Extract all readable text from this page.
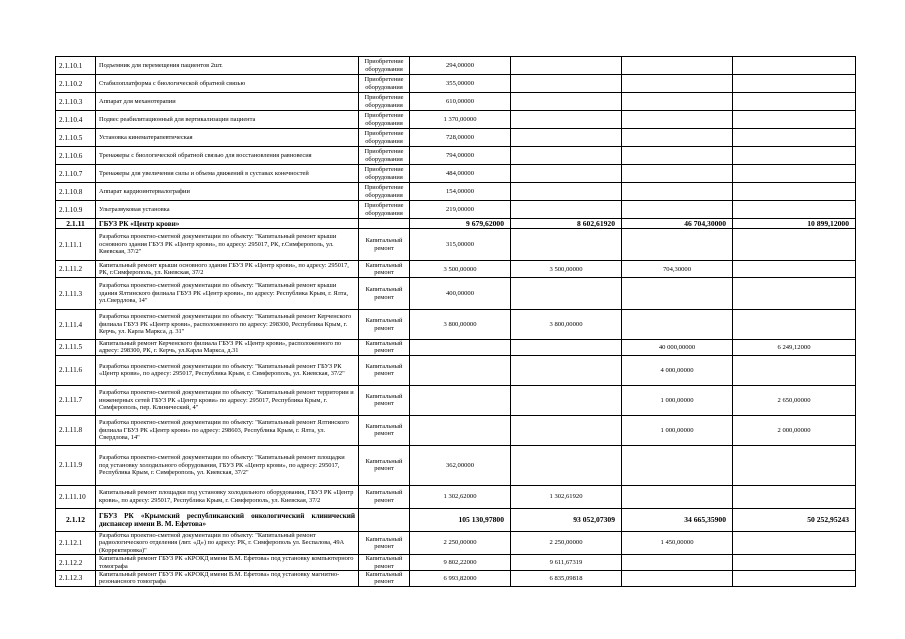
2.1.10.1	Подъемник для перемещения пациентов 2шт.	Приобретение оборудования	294,00000			
2.1.10.2	Стабилоплатформа с биологической обратной связью	Приобретение оборудования	355,00000			
2.1.10.3	Аппарат для механотерапии	Приобретение оборудования	610,00000			
2.1.10.4	Подвес реабилитационный для вертикализации пациента	Приобретение оборудования	1 370,00000			
2.1.10.5	Установка кинематерапевтическая	Приобретение оборудования	728,00000			
2.1.10.6	Тренажеры с биологической обратной связью для восстановления равновесия	Приобретение оборудования	794,00000			
2.1.10.7	Тренажеры для увеличения силы и объема движений в суставах конечностей	Приобретение оборудования	484,00000			
2.1.10.8	Аппарат кардиоинтервалографии	Приобретение оборудования	154,00000			
2.1.10.9	Ультразвуковая установка	Приобретение оборудования	219,00000			
2.1.11	ГБУЗ РК «Центр крови»		9 679,62000	8 602,61920	46 704,30000	10 899,12000
2.1.11.1	Разработка проектно-сметной документации по объекту: "Капитальный ремонт крыши основного здания ГБУЗ РК «Центр крови», по адресу: 295017, РК, г.Симферополь, ул. Киевская, 37/2"	Капитальный ремонт	315,00000			
2.1.11.2	Капитальный ремонт крыши основного здания ГБУЗ РК «Центр крови», по адресу: 295017, РК, г.Симферополь, ул. Киевская, 37/2	Капитальный ремонт	3 500,00000	3 500,00000	704,30000	
2.1.11.3	Разработка проектно-сметной документации по объекту: "Капитальный ремонт крыши здания Ялтинского филиала ГБУЗ РК «Центр крови», по адресу: Республика Крым, г. Ялта, ул.Свердлова, 14"	Капитальный ремонт	400,00000			
2.1.11.4	Разработка проектно-сметной документации по объекту: "Капитальный ремонт Керченского филиала ГБУЗ РК «Центр крови», расположенного по адресу: 298300, Республика Крым, г. Керчь, ул. Карла Маркса, д. 31"	Капитальный ремонт	3 800,00000	3 800,00000		
2.1.11.5	Капитальный ремонт Керченского филиала ГБУЗ РК «Центр крови», расположенного по адресу: 298300, РК, г. Керчь, ул.Карла Маркса, д.31	Капитальный ремонт			40 000,00000	6 249,12000
2.1.11.6	Разработка проектно-сметной документации по объекту: "Капитальный ремонт ГБУЗ РК «Центр крови», по адресу: 295017, Республика Крым, г. Симферополь, ул. Киевская, 37/2"	Капитальный ремонт			4 000,00000	
2.1.11.7	Разработка проектно-сметной документации по объекту: "Капитальный ремонт территории и инженерных сетей ГБУЗ РК «Центр крови» по адресу: 295017, Республика Крым, г. Симферополь, пер. Клинический, 4"	Капитальный ремонт			1 000,00000	2 650,00000
2.1.11.8	Разработка проектно-сметной документации по объекту: "Капитальный ремонт Ялтинского филиала ГБУЗ РК «Центр крови» по адресу: 298603, Республика Крым, г. Ялта, ул. Свердлова, 14"	Капитальный ремонт			1 000,00000	2 000,00000
2.1.11.9	Разработка проектно-сметной документации по объекту: "Капитальный ремонт площадки под установку холодильного оборудования, ГБУЗ РК «Центр крови», по адресу: 295017, Республика Крым, г. Симферополь, ул. Киевская, 37/2"	Капитальный ремонт	362,00000			
2.1.11.10	Капитальный ремонт площадки под установку холодильного оборудования, ГБУЗ РК «Центр крови», по адресу: 295017, Республика Крым, г. Симферополь, ул. Киевская, 37/2	Капитальный ремонт	1 302,62000	1 302,61920		
2.1.12	ГБУЗ РК «Крымский республиканский онкологический клинический диспансер имени В. М. Ефетова»		105 130,97800	93 052,07309	34 665,35900	50 252,95243
2.1.12.1	Разработка проектно-сметной документации по объекту: "Капитальный ремонт радиологического отделения (лит. «Д») по адресу: РК, г. Симферополь ул. Беспалова, 49А (Корректировка)"	Капитальный ремонт	2 250,00000	2 250,00000	1 450,00000	
2.1.12.2	Капитальный ремонт ГБУЗ РК «КРОКД имени В.М. Ефетова» под установку компьютерного томографа	Капитальный ремонт	9 802,22000	9 611,67319		
2.1.12.3	Капитальный ремонт ГБУЗ РК «КРОКД имени В.М. Ефетова» под установку магнитно-резонансного томографа	Капитальный ремонт	6 993,82000	6 835,09818		
